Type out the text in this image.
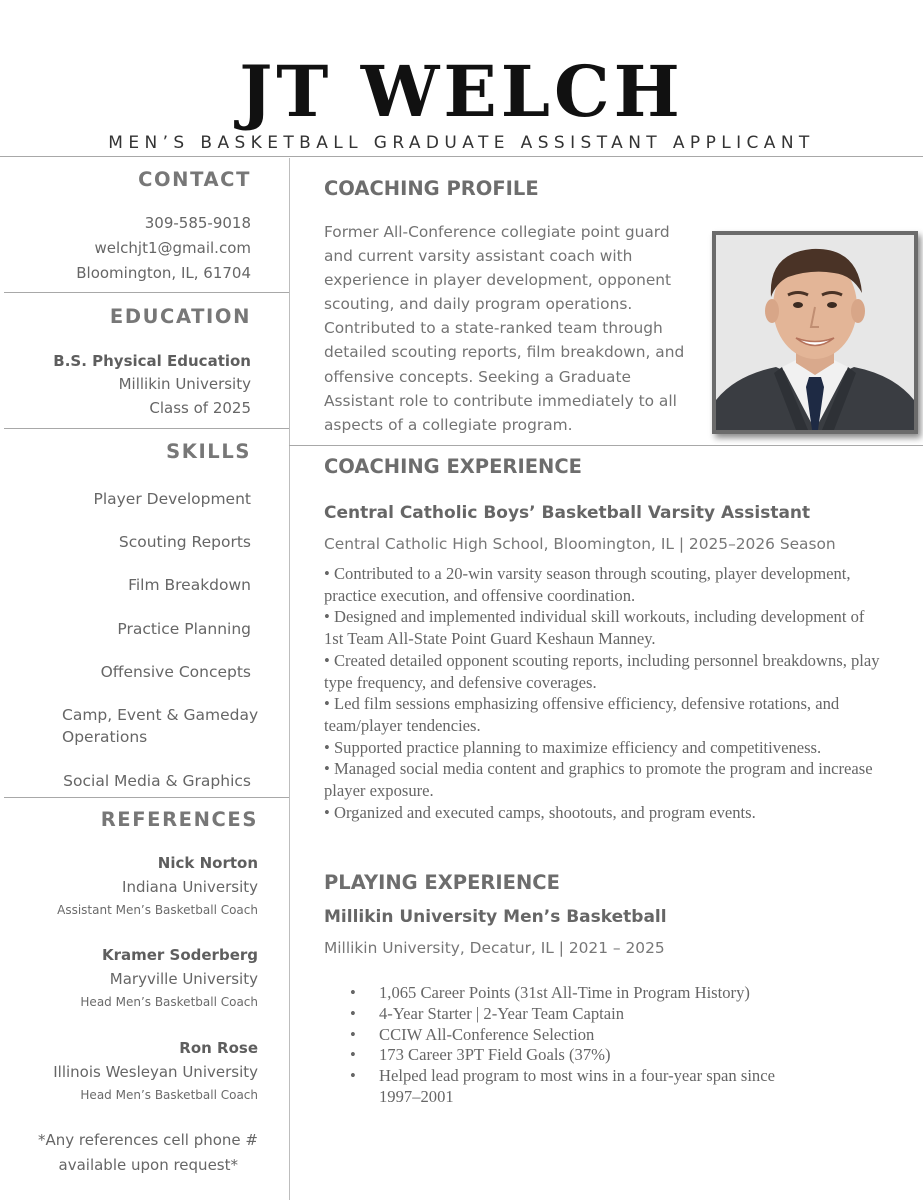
JT WELCH
MEN’S BASKETBALL GRADUATE ASSISTANT APPLICANT
CONTACT
309-585-9018
welchjt1@gmail.com
Bloomington, IL, 61704
EDUCATION
B.S. Physical Education
Millikin University
Class of 2025
SKILLS
Player Development
Scouting Reports
Film Breakdown
Practice Planning
Offensive Concepts
Camp, Event & Gameday Operations
Social Media & Graphics
REFERENCES
Nick Norton
Indiana University
Assistant Men’s Basketball Coach
Kramer Soderberg
Maryville University
Head Men’s Basketball Coach
Ron Rose
Illinois Wesleyan University
Head Men’s Basketball Coach
*Any references cell phone #
available upon request*
COACHING PROFILE
Former All-Conference collegiate point guard and current varsity assistant coach with experience in player development, opponent scouting, and daily program operations. Contributed to a state-ranked team through detailed scouting reports, film breakdown, and offensive concepts. Seeking a Graduate Assistant role to contribute immediately to all aspects of a collegiate program.
COACHING EXPERIENCE
Central Catholic Boys’ Basketball Varsity Assistant
Central Catholic High School, Bloomington, IL | 2025–2026 Season

• Contributed to a 20-win varsity season through scouting, player development, practice execution, and offensive coordination.

• Designed and implemented individual skill workouts, including development of 1st Team All-State Point Guard Keshaun Manney.

• Created detailed opponent scouting reports, including personnel breakdowns, play type frequency, and defensive coverages.

• Led film sessions emphasizing offensive efficiency, defensive rotations, and team/player tendencies.

• Supported practice planning to maximize efficiency and competitiveness.

• Managed social media content and graphics to promote the program and increase player exposure.

• Organized and executed camps, shootouts, and program events.

PLAYING EXPERIENCE
Millikin University Men’s Basketball
Millikin University, Decatur, IL | 2021 – 2025
• 1,065 Career Points (31st All-Time in Program History)
• 4-Year Starter | 2-Year Team Captain
• CCIW All-Conference Selection
• 173 Career 3PT Field Goals (37%)
• Helped lead program to most wins in a four-year span since 1997–2001
